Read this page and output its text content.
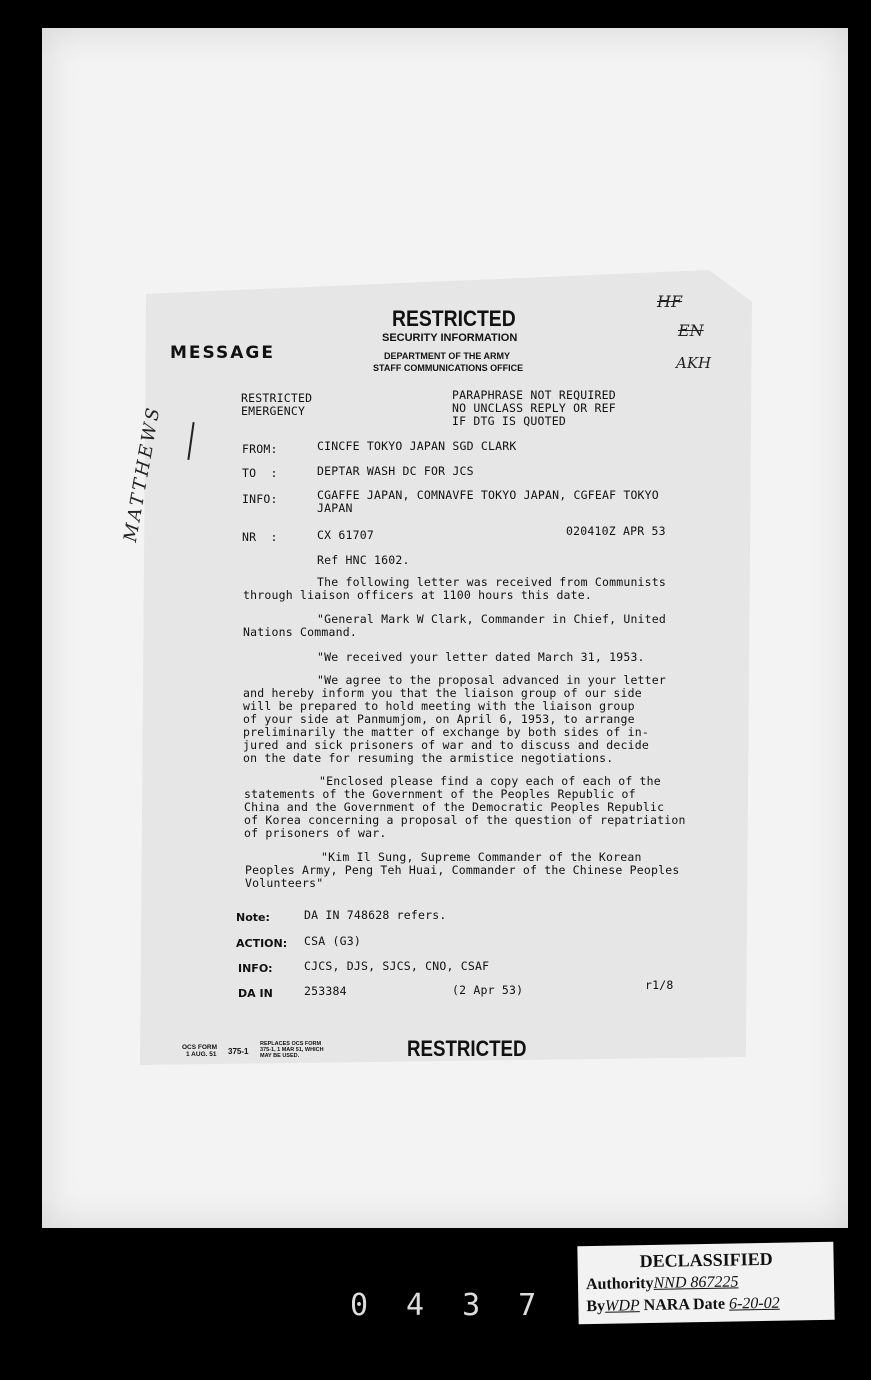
MESSAGE
RESTRICTED
SECURITY INFORMATION
DEPARTMENT OF THE ARMY
STAFF COMMUNICATIONS OFFICE
HF
EN
AKH
MATTHEWS
RESTRICTED
EMERGENCY
PARAPHRASE NOT REQUIRED
NO UNCLASS REPLY OR REF
IF DTG IS QUOTED
FROM:	CINCFE TOKYO JAPAN SGD CLARK
TO  :	DEPTAR WASH DC FOR JCS
INFO:	CGAFFE JAPAN, COMNAVFE TOKYO JAPAN, CGFEAF TOKYO
JAPAN
NR  :	CX 61707	020410Z APR 53
Ref HNC 1602.
The following letter was received from Communists
through liaison officers at 1100 hours this date.
"General Mark W Clark, Commander in Chief, United
Nations Command.
"We received your letter dated March 31, 1953.
"We agree to the proposal advanced in your letter
and hereby inform you that the liaison group of our side
will be prepared to hold meeting with the liaison group
of your side at Panmumjom, on April 6, 1953, to arrange
preliminarily the matter of exchange by both sides of in-
jured and sick prisoners of war and to discuss and decide
on the date for resuming the armistice negotiations.
"Enclosed please find a copy each of each of the
statements of the Government of the Peoples Republic of
China and the Government of the Democratic Peoples Republic
of Korea concerning a proposal of the question of repatriation
of prisoners of war.
"Kim Il Sung, Supreme Commander of the Korean
Peoples Army, Peng Teh Huai, Commander of the Chinese Peoples
Volunteers"
Note:	DA IN 748628 refers.
ACTION: CSA (G3)
INFO:	CJCS, DJS, SJCS, CNO, CSAF
DA IN	253384	(2 Apr 53)	r1/8
OCS FORM
1 AUG. 51 375-1
REPLACES OCS FORM
375-1, 1 MAR 51, WHICH
MAY BE USED.	RESTRICTED
0437
DECLASSIFIED
AuthorityNND 867225
ByWDP NARA Date 6-20-02
